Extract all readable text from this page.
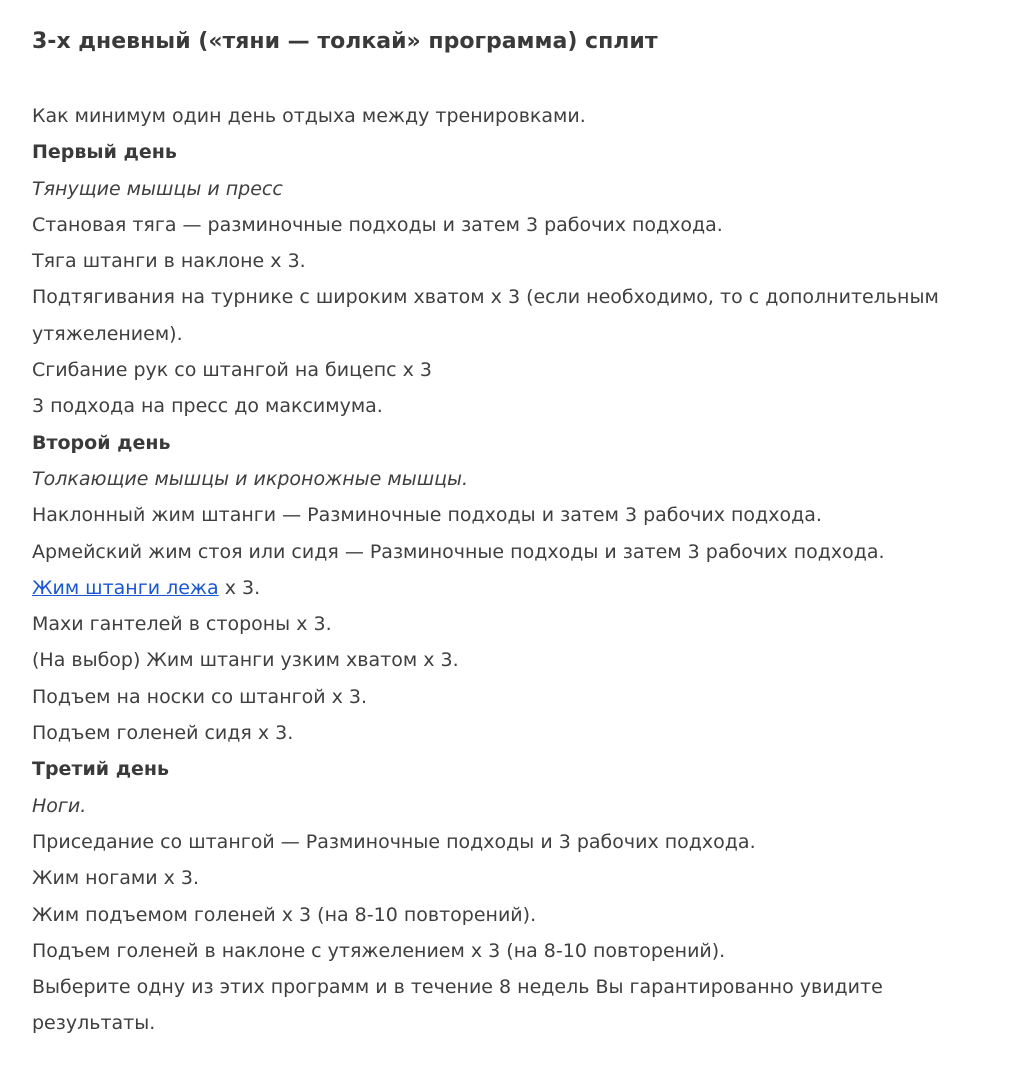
3-х дневный («тяни — толкай» программа) сплит
Как минимум один день отдыха между тренировками.
Первый день
Тянущие мышцы и пресс
Становая тяга — разминочные подходы и затем 3 рабочих подхода.
Тяга штанги в наклоне х 3.
Подтягивания на турнике с широким хватом х 3 (если необходимо, то с дополнительным утяжелением).
Сгибание рук со штангой на бицепс х 3
3 подхода на пресс до максимума.
Второй день
Толкающие мышцы и икроножные мышцы.
Наклонный жим штанги — Разминочные подходы и затем 3 рабочих подхода.
Армейский жим стоя или сидя — Разминочные подходы и затем 3 рабочих подхода.
Жим штанги лежа х 3.
Махи гантелей в стороны х 3.
(На выбор) Жим штанги узким хватом х 3.
Подъем на носки со штангой х 3.
Подъем голеней сидя х 3.
Третий день
Ноги.
Приседание со штангой — Разминочные подходы и 3 рабочих подхода.
Жим ногами х 3.
Жим подъемом голеней х 3 (на 8-10 повторений).
Подъем голеней в наклоне с утяжелением х 3 (на 8-10 повторений).
Выберите одну из этих программ и в течение 8 недель Вы гарантированно увидите результаты.
